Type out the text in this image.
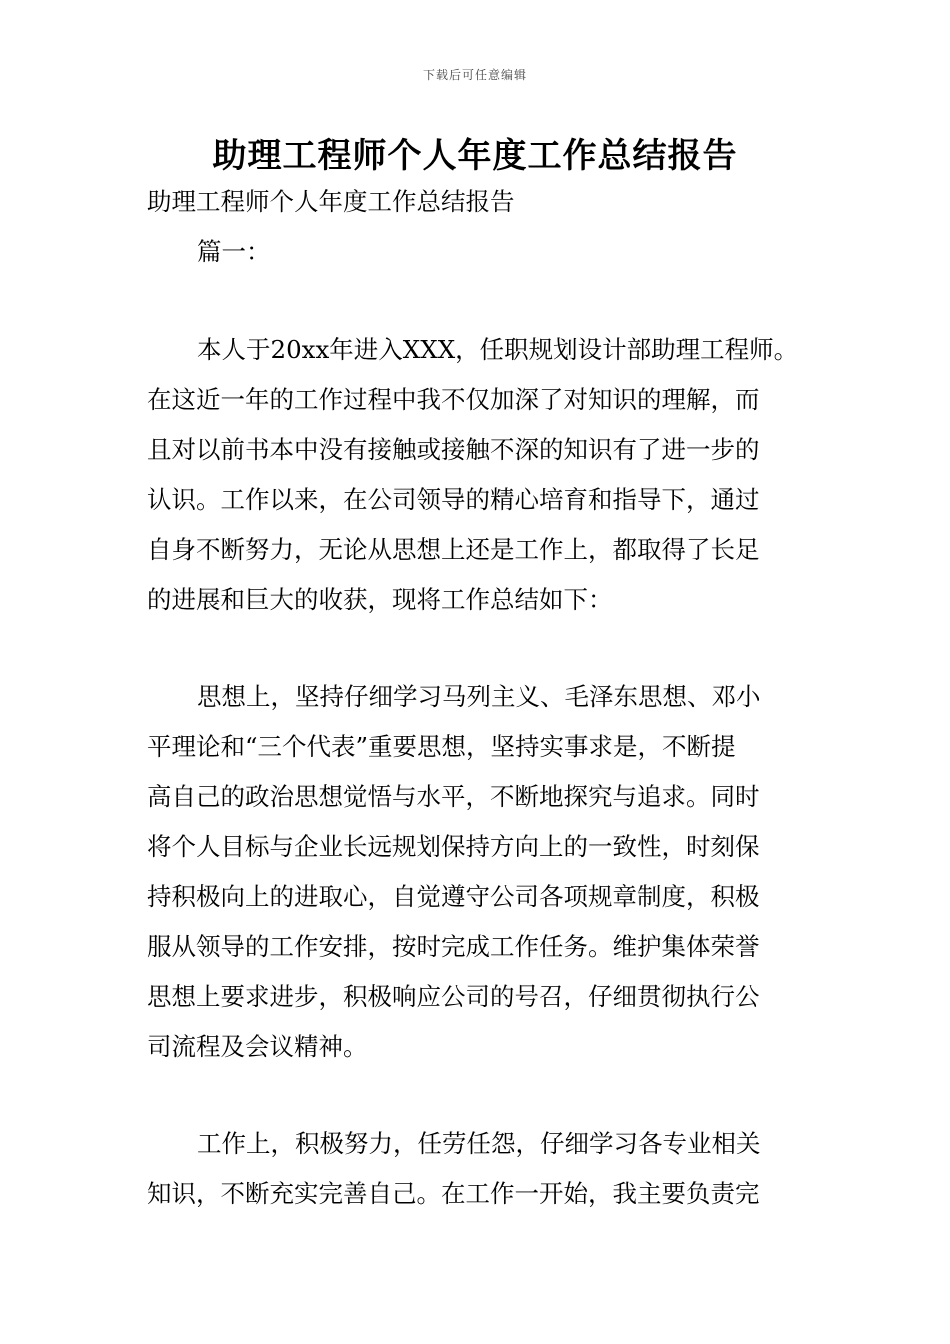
下载后可任意编辑
助理工程师个人年度工作总结报告
助理工程师个人年度工作总结报告
篇一：
本人于20xx年进入XXX，任职规划设计部助理工程师。
在这近一年的工作过程中我不仅加深了对知识的理解，而
且对以前书本中没有接触或接触不深的知识有了进一步的
认识。工作以来，在公司领导的精心培育和指导下，通过
自身不断努力，无论从思想上还是工作上，都取得了长足
的进展和巨大的收获，现将工作总结如下：
思想上，坚持仔细学习马列主义、毛泽东思想、邓小
平理论和“三个代表”重要思想，坚持实事求是，不断提
高自己的政治思想觉悟与水平，不断地探究与追求。同时
将个人目标与企业长远规划保持方向上的一致性，时刻保
持积极向上的进取心，自觉遵守公司各项规章制度，积极
服从领导的工作安排，按时完成工作任务。维护集体荣誉
思想上要求进步，积极响应公司的号召，仔细贯彻执行公
司流程及会议精神。
工作上，积极努力，任劳任怨，仔细学习各专业相关
知识，不断充实完善自己。在工作一开始，我主要负责完
